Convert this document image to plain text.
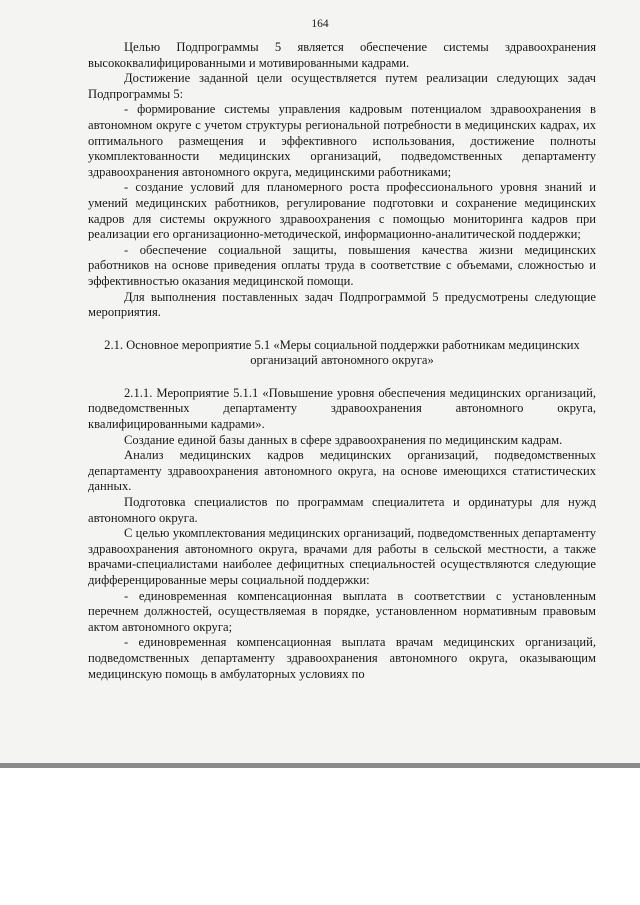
164

Целью Подпрограммы 5 является обеспечение системы здравоохранения высококвалифицированными и мотивированными кадрами.

Достижение заданной цели осуществляется путем реализации следующих задач Подпрограммы 5:

- формирование системы управления кадровым потенциалом здравоохранения в автономном округе с учетом структуры региональной потребности в медицинских кадрах, их оптимального размещения и эффективного использования, достижение полноты укомплектованности медицинских организаций, подведомственных департаменту здравоохранения автономного округа, медицинскими работниками;

- создание условий для планомерного роста профессионального уровня знаний и умений медицинских работников, регулирование подготовки и сохранение медицинских кадров для системы окружного здравоохранения с помощью мониторинга кадров при реализации его организационно-методической, информационно-аналитической поддержки;

- обеспечение социальной защиты, повышения качества жизни медицинских работников на основе приведения оплаты труда в соответствие с объемами, сложностью и эффективностью оказания медицинской помощи.

Для выполнения поставленных задач Подпрограммой 5 предусмотрены следующие мероприятия.

2.1. Основное мероприятие 5.1 «Меры социальной поддержки работникам медицинских организаций автономного округа»

2.1.1. Мероприятие 5.1.1 «Повышение уровня обеспечения медицинских организаций, подведомственных департаменту здравоохранения автономного округа, квалифицированными кадрами».

Создание единой базы данных в сфере здравоохранения по медицинским кадрам.

Анализ медицинских кадров медицинских организаций, подведомственных департаменту здравоохранения автономного округа, на основе имеющихся статистических данных.

Подготовка специалистов по программам специалитета и ординатуры для нужд автономного округа.

С целью укомплектования медицинских организаций, подведомственных департаменту здравоохранения автономного округа, врачами для работы в сельской местности, а также врачами-специалистами наиболее дефицитных специальностей осуществляются следующие дифференцированные меры социальной поддержки:

- единовременная компенсационная выплата в соответствии с установленным перечнем должностей, осуществляемая в порядке, установленном нормативным правовым актом автономного округа;

- единовременная компенсационная выплата врачам медицинских организаций, подведомственных департаменту здравоохранения автономного округа, оказывающим медицинскую помощь в амбулаторных условиях по
